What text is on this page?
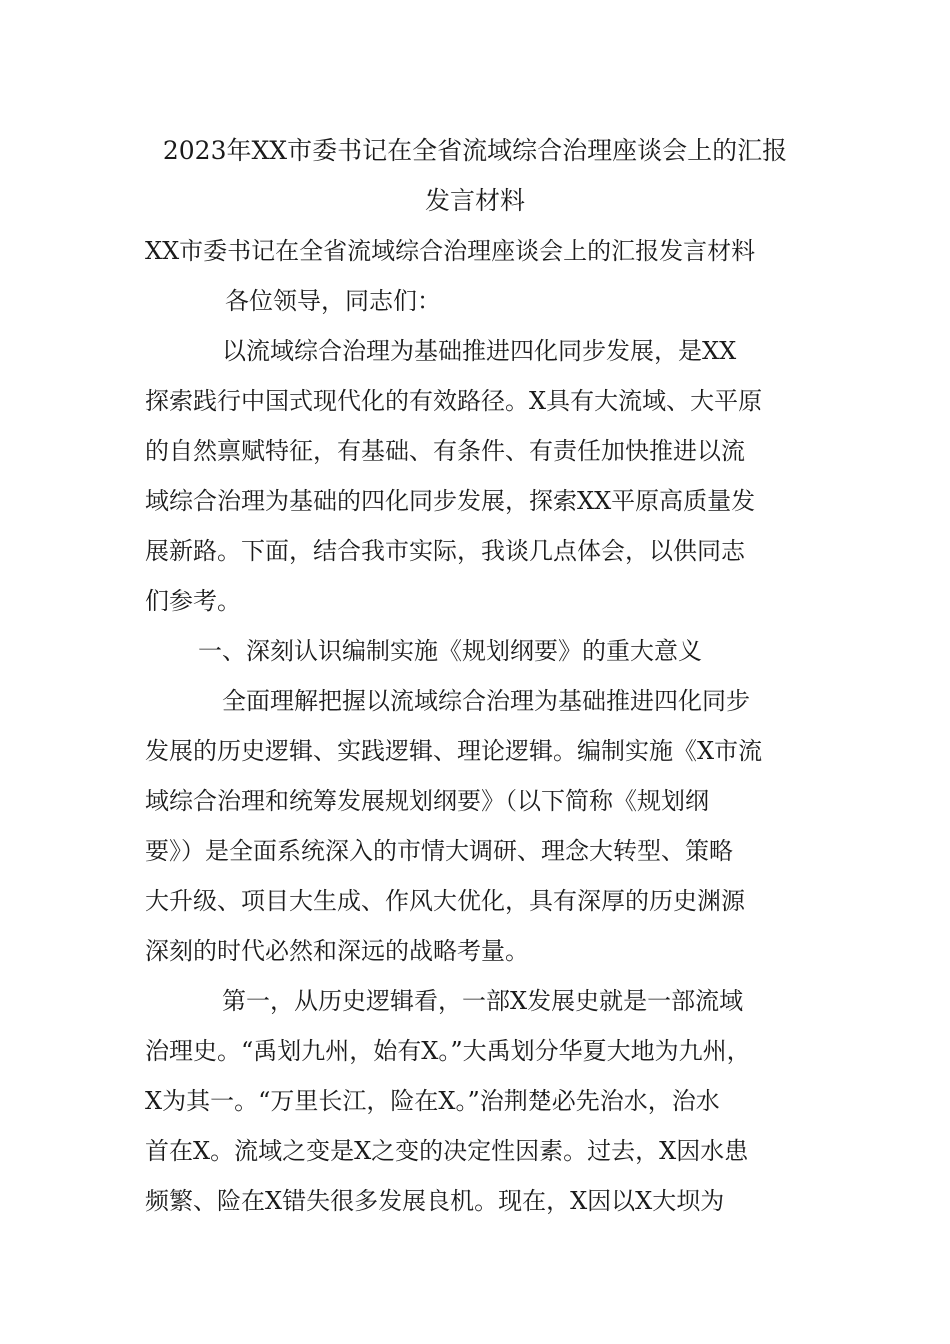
2023年XX市委书记在全省流域综合治理座谈会上的汇报
发言材料
XX市委书记在全省流域综合治理座谈会上的汇报发言材料
各位领导，同志们：
以流域综合治理为基础推进四化同步发展，是XX
探索践行中国式现代化的有效路径。X具有大流域、大平原
的自然禀赋特征，有基础、有条件、有责任加快推进以流
域综合治理为基础的四化同步发展，探索XX平原高质量发
展新路。下面，结合我市实际，我谈几点体会，以供同志
们参考。
一、深刻认识编制实施《规划纲要》的重大意义
全面理解把握以流域综合治理为基础推进四化同步
发展的历史逻辑、实践逻辑、理论逻辑。编制实施《X市流
域综合治理和统筹发展规划纲要》（以下简称《规划纲
要》）是全面系统深入的市情大调研、理念大转型、策略
大升级、项目大生成、作风大优化，具有深厚的历史渊源
深刻的时代必然和深远的战略考量。
第一，从历史逻辑看，一部X发展史就是一部流域
治理史。“禹划九州，始有X。”大禹划分华夏大地为九州，
X为其一。“万里长江，险在X。”治荆楚必先治水，治水
首在X。流域之变是X之变的决定性因素。过去，X因水患
频繁、险在X错失很多发展良机。现在，X因以X大坝为
